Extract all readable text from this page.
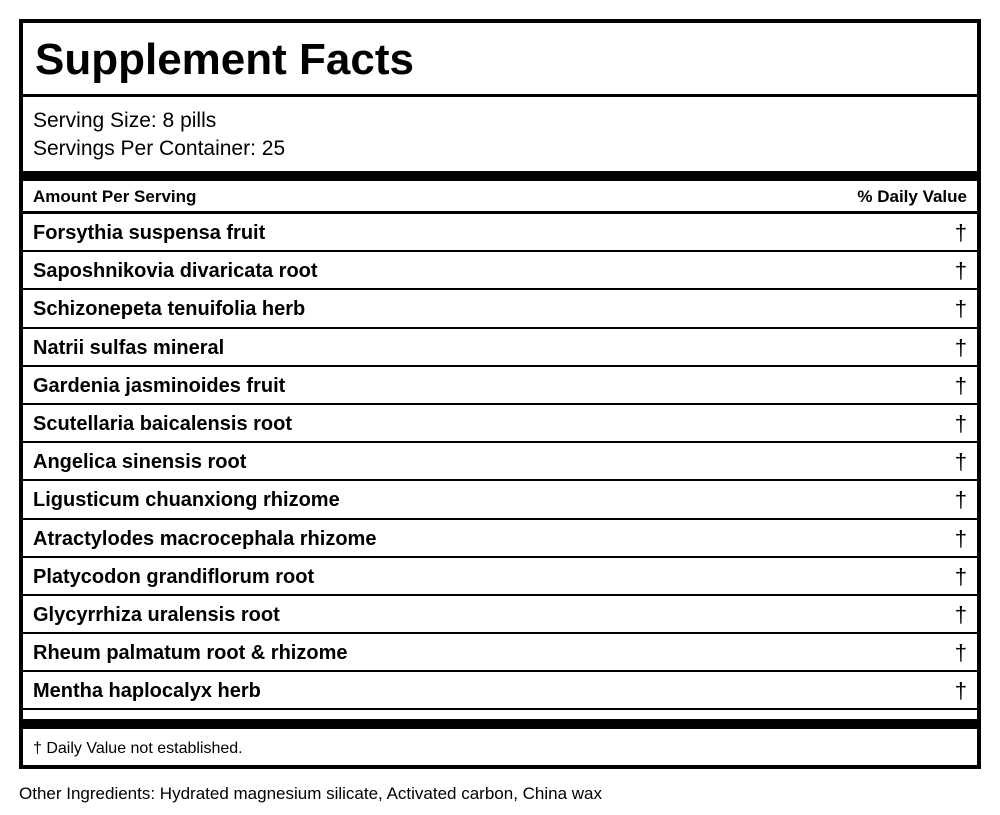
Supplement Facts
Serving Size: 8 pills
Servings Per Container: 25
Amount Per Serving	% Daily Value
Forsythia suspensa fruit	†
Saposhnikovia divaricata root	†
Schizonepeta tenuifolia herb	†
Natrii sulfas mineral	†
Gardenia jasminoides fruit	†
Scutellaria baicalensis root	†
Angelica sinensis root	†
Ligusticum chuanxiong rhizome	†
Atractylodes macrocephala rhizome	†
Platycodon grandiflorum root	†
Glycyrrhiza uralensis root	†
Rheum palmatum root & rhizome	†
Mentha haplocalyx herb	†
† Daily Value not established.
Other Ingredients: Hydrated magnesium silicate, Activated carbon, China wax
